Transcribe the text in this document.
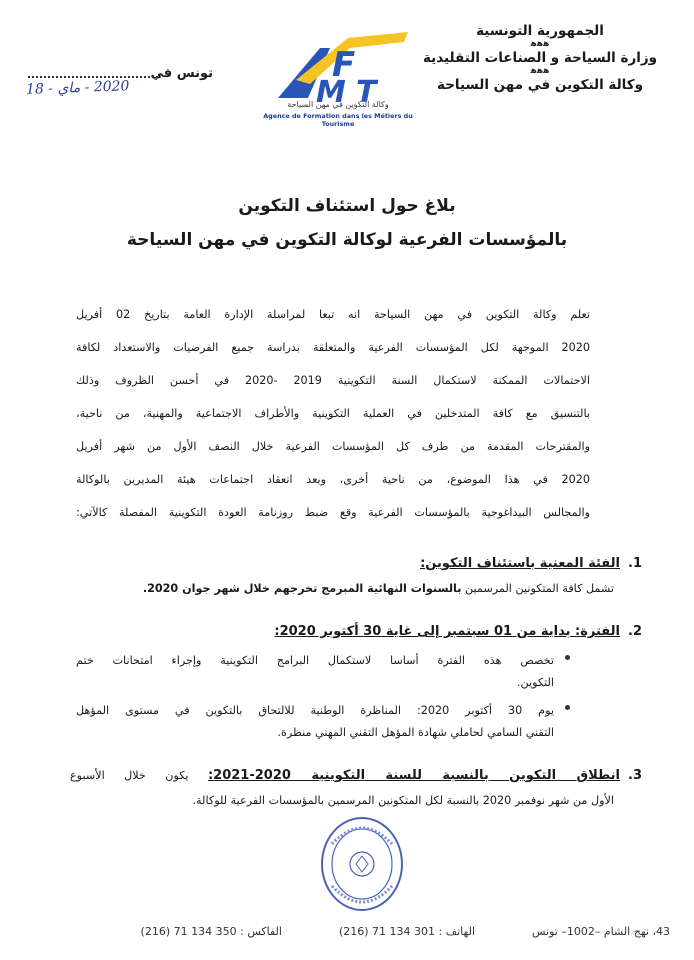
الجمهورية التونسية
ﻫﻫﻫ
وزارة السياحة و الصناعات التقليدية
ﻫﻫﻫ
وكالة التكوين في مهن السياحة
F
M T
وكالة التكوين في مهن السياحة
Agence de Formation dans les Métiers du Tourisme
تونس في
2020 - ماي - 18
بلاغ حول استئناف التكوين
بالمؤسسات الفرعية لوكالة التكوين في مهن السياحة
تعلم وكالة التكوين في مهن السياحة انه تبعا لمراسلة الإدارة العامة بتاريخ 02 أفريل
2020 الموجهة لكل المؤسسات الفرعية والمتعلقة بدراسة جميع الفرضيات والاستعداد لكافة
الاحتمالات الممكنة لاستكمال السنة التكوينية 2019 -2020 في أحسن الظروف وذلك
بالتنسيق مع كافة المتدخلين في العملية التكوينية والأطراف الاجتماعية والمهنية، من ناحية،
والمقترحات المقدمة من طرف كل المؤسسات الفرعية خلال النصف الأول من شهر أفريل
2020 في هذا الموضوع، من ناحية أخرى، وبعد انعقاد اجتماعات هيئة المديرين بالوكالة
والمجالس البيداغوجية بالمؤسسات الفرعية وقع ضبط روزنامة العودة التكوينية المفصلة كالآتي:
1.الفئة المعنية باستئناف التكوين:
تشمل كافة المتكونين المرسمين بالسنوات النهائية المبرمج تخرجهم خلال شهر جوان 2020.
2.الفترة: بداية من 01 سبتمبر إلى غاية 30 أكتوبر 2020:
تخصص هذه الفترة أساسا لاستكمال البرامج التكوينية وإجراء امتحانات ختم
التكوين.
يوم 30 أكتوبر 2020: المناظرة الوطنية للالتحاق بالتكوين في مستوى المؤهل
التقني السامي لحاملي شهادة المؤهل التقني المهني منظرة.
3.انطلاق التكوين بالنسبة للسنة التكوينية 2020-2021: يكون خلال الأسبوع
الأول من شهر نوفمبر 2020 بالنسبة لكل المتكونين المرسمين بالمؤسسات الفرعية للوكالة.
43، نهج الشام –1002– تونس  الهاتف : 301 134 71 (216)  الفاكس : 350 134 71 (216)
